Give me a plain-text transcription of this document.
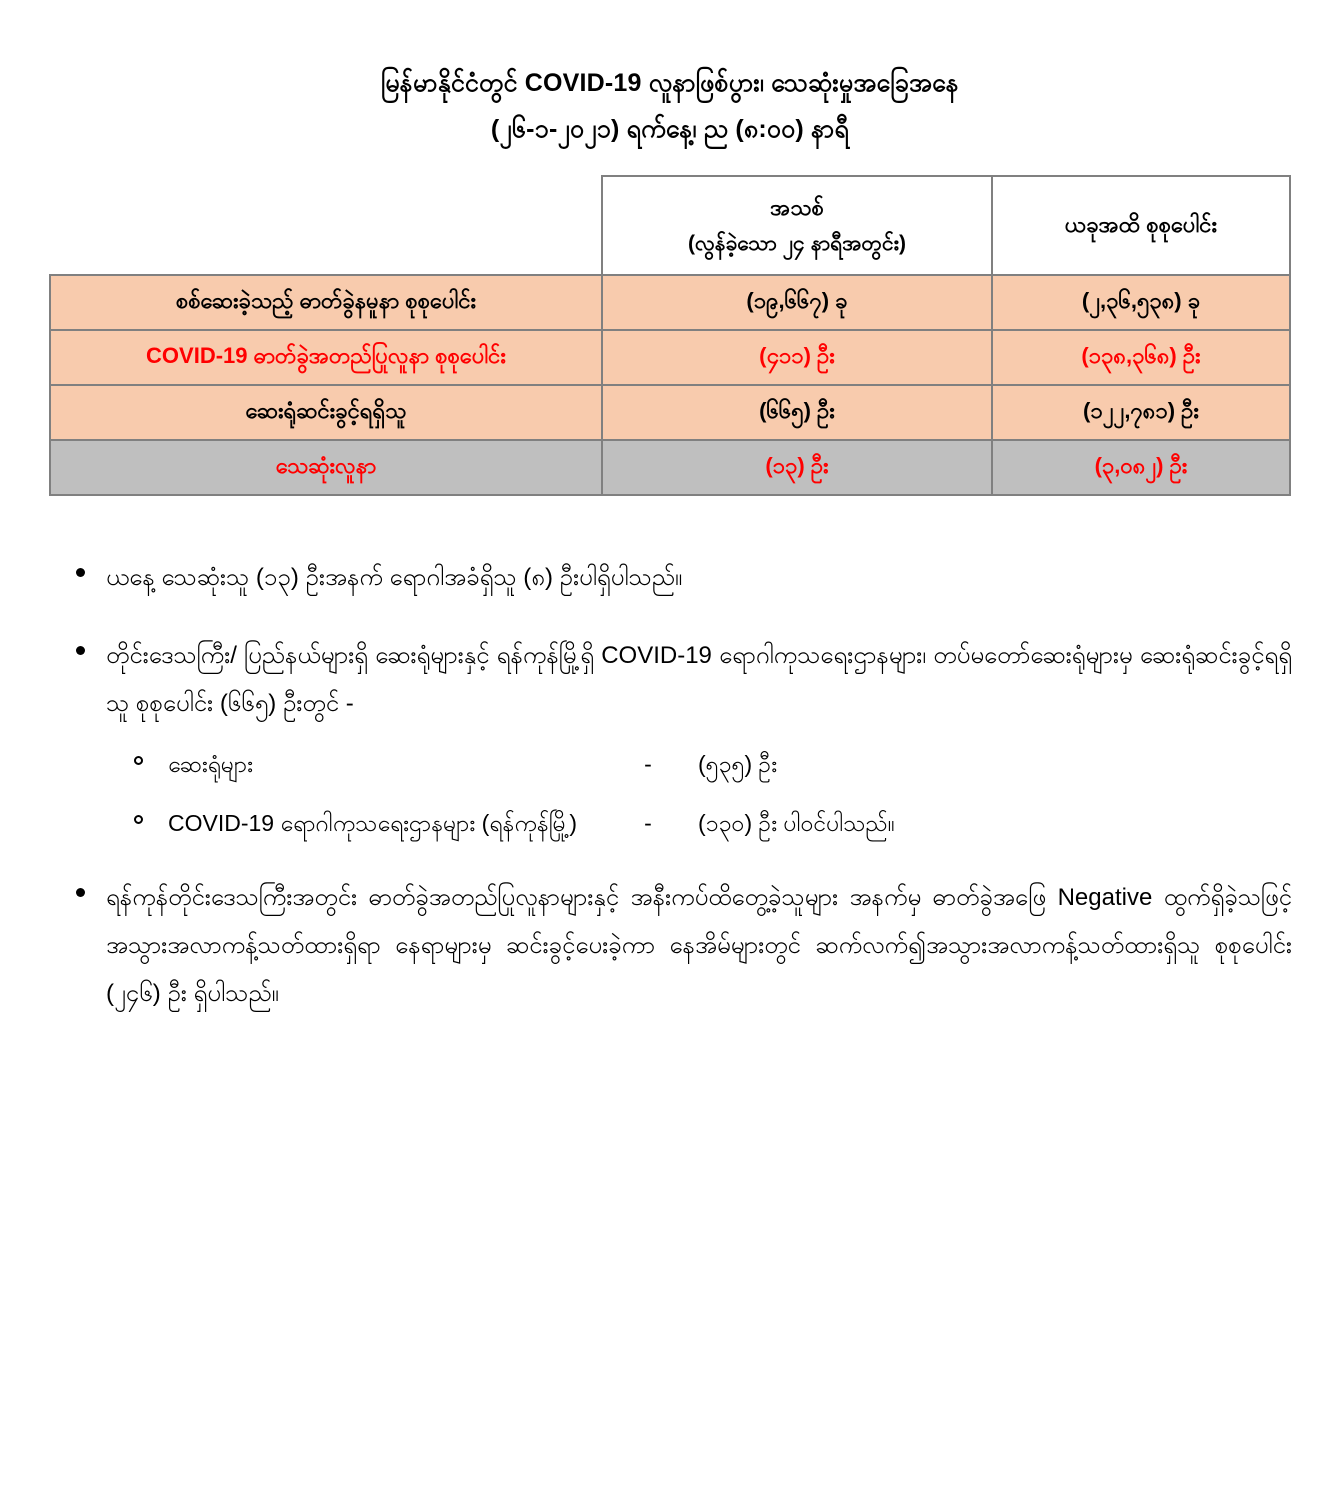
မြန်မာနိုင်ငံတွင် COVID-19 လူနာဖြစ်ပွား၊ သေဆုံးမှုအခြေအနေ
(၂၆-၁-၂၀၂၁) ရက်နေ့၊ ည (၈:၀၀) နာရီ
	အသစ်
(လွန်ခဲ့သော ၂၄ နာရီအတွင်း)	ယခုအထိ စုစုပေါင်း
စစ်ဆေးခဲ့သည့် ဓာတ်ခွဲနမူနာ စုစုပေါင်း	(၁၉,၆၆၇) ခု	(၂,၃၆,၅၃၈) ခု
COVID-19 ဓာတ်ခွဲအတည်ပြုလူနာ စုစုပေါင်း	(၄၁၁) ဦး	(၁၃၈,၃၆၈) ဦး
ဆေးရုံဆင်းခွင့်ရရှိသူ	(၆၆၅) ဦး	(၁၂၂,၇၈၁) ဦး
သေဆုံးလူနာ	(၁၃) ဦး	(၃,၀၈၂) ဦး
ယနေ့ သေဆုံးသူ (၁၃) ဦးအနက် ရောဂါအခံရှိသူ (၈) ဦးပါရှိပါသည်။
တိုင်းဒေသကြီး/ ပြည်နယ်များရှိ ဆေးရုံများနှင့် ရန်ကုန်မြို့ရှိ COVID-19 ရောဂါကုသရေးဌာနများ၊ တပ်မတော်ဆေးရုံများမှ ဆေးရုံဆင်းခွင့်ရရှိသူ စုစုပေါင်း (၆၆၅) ဦးတွင် -
ဆေးရုံများ	-	(၅၃၅) ဦး
COVID-19 ရောဂါကုသရေးဌာနများ (ရန်ကုန်မြို့)	-	(၁၃၀) ဦး ပါဝင်ပါသည်။
ရန်ကုန်တိုင်းဒေသကြီးအတွင်း ဓာတ်ခွဲအတည်ပြုလူနာများနှင့် အနီးကပ်ထိတွေ့ခဲ့သူများ အနက်မှ ဓာတ်ခွဲအဖြေ Negative ထွက်ရှိခဲ့သဖြင့် အသွားအလာကန့်သတ်ထားရှိရာ နေရာများမှ ဆင်းခွင့်ပေးခဲ့ကာ နေအိမ်များတွင် ဆက်လက်၍အသွားအလာကန့်သတ်ထားရှိသူ စုစုပေါင်း (၂၄၆) ဦး ရှိပါသည်။
